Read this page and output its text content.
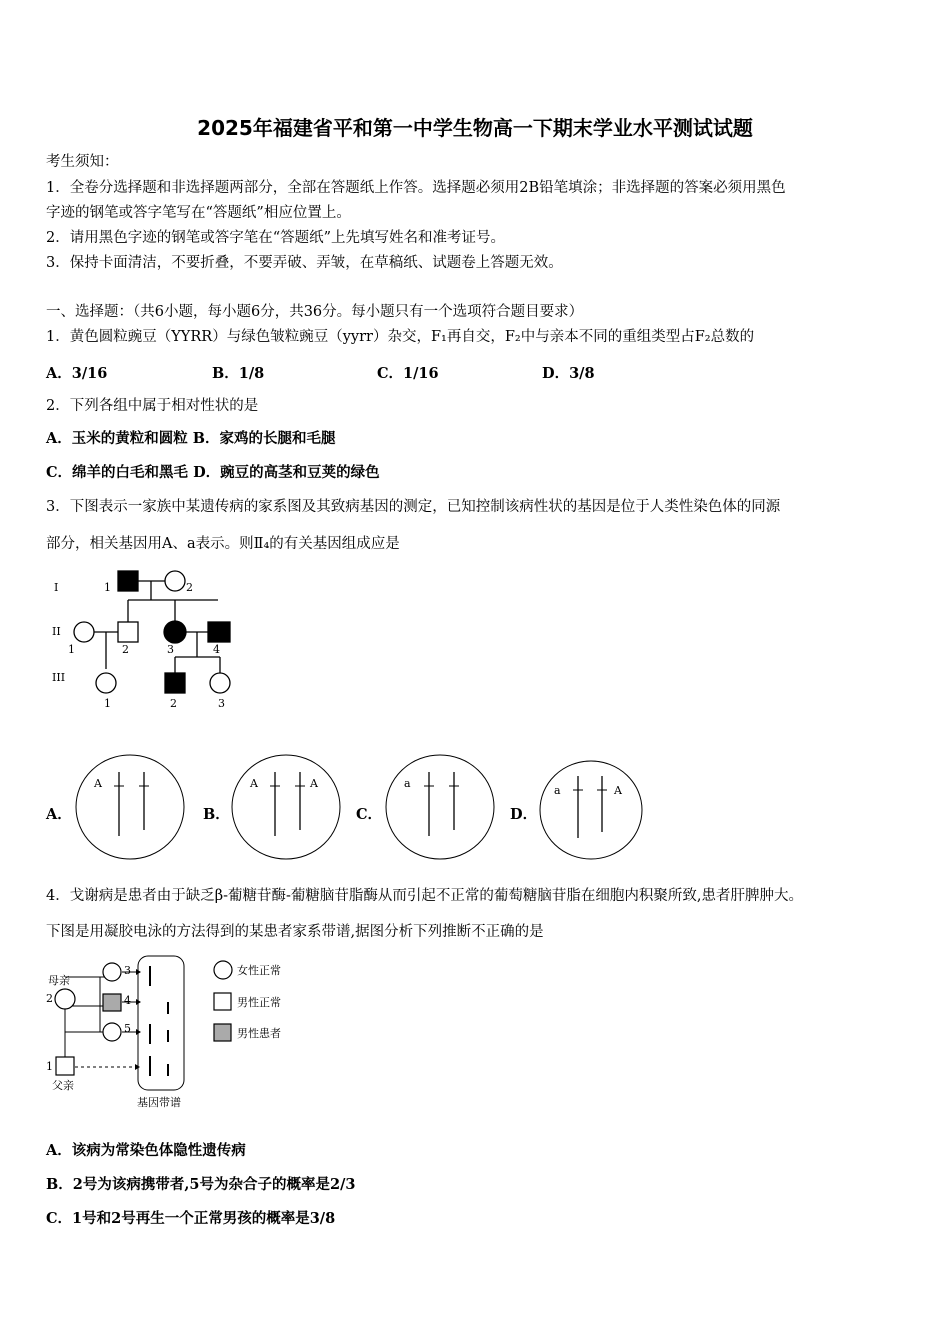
2025年福建省平和第一中学生物高一下期末学业水平测试试题
考生须知：
1．全卷分选择题和非选择题两部分，全部在答题纸上作答。选择题必须用2B铅笔填涂；非选择题的答案必须用黑色
字迹的钢笔或答字笔写在“答题纸”相应位置上。
2．请用黑色字迹的钢笔或答字笔在“答题纸”上先填写姓名和准考证号。
3．保持卡面清洁，不要折叠，不要弄破、弄皱，在草稿纸、试题卷上答题无效。
一、选择题：（共6小题，每小题6分，共36分。每小题只有一个选项符合题目要求）
1．黄色圆粒豌豆（YYRR）与绿色皱粒豌豆（yyrr）杂交，F₁再自交，F₂中与亲本不同的重组类型占F₂总数的
A．3/16	B．1/8	C．1/16	D．3/8
2．下列各组中属于相对性状的是
A．玉米的黄粒和圆粒 B．家鸡的长腿和毛腿
C．绵羊的白毛和黑毛 D．豌豆的高茎和豆荚的绿色
3．下图表示一家族中某遗传病的家系图及其致病基因的测定，已知控制该病性状的基因是位于人类性染色体的同源
部分，相关基因用A、a表示。则Ⅱ₄的有关基因组成应是
I
II
III
1	2
1	2	3	4
1	2	3
A．
A
B．
A	A
C．
a
D．
a	A
4．戈谢病是患者由于缺乏β-葡糖苷酶-葡糖脑苷脂酶从而引起不正常的葡萄糖脑苷脂在细胞内积聚所致,患者肝脾肿大。
下图是用凝胶电泳的方法得到的某患者家系带谱,据图分析下列推断不正确的是
母亲
2
3
4
5
1
父亲
基因带谱
女性正常
男性正常
男性患者
A．该病为常染色体隐性遗传病
B．2号为该病携带者,5号为杂合子的概率是2/3
C．1号和2号再生一个正常男孩的概率是3/8
